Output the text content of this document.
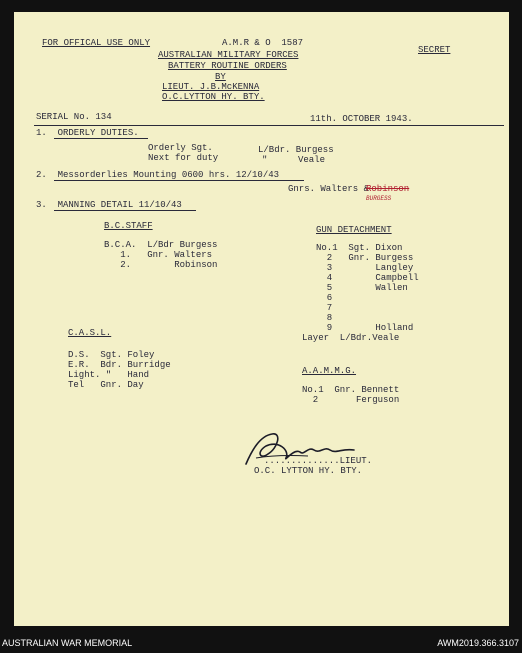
FOR OFFICAL USE ONLY	A.M.R & O  1587
SECRET
AUSTRALIAN MILITARY FORCES
BATTERY ROUTINE ORDERS
BY
LIEUT. J.B.McKENNA
O.C.LYTTON HY. BTY.
SERIAL No. 134	11th. OCTOBER 1943.
1.  ORDERLY DUTIES.
Orderly Sgt.	L/Bdr. Burgess
Next for duty	"	Veale
2.  Messorderlies Mounting 0600 hrs. 12/10/43
Gnrs. Walters &
Robinson
BURGESS
3.  MANNING DETAIL 11/10/43
B.C.STAFF
B.C.A.  L/Bdr Burgess
1.   Gnr. Walters
2.        Robinson
GUN DETACHMENT
No.1  Sgt. Dixon
2   Gnr. Burgess
3        Langley
4        Campbell
5        Wallen
6
7
8
9        Holland
Layer  L/Bdr.Veale
C.A.S.L.
D.S.  Sgt. Foley
E.R.  Bdr. Burridge
Light. "   Hand
Tel   Gnr. Day
A.A.M.M.G.
No.1  Gnr. Bennett
2       Ferguson
..............LIEUT.
O.C. LYTTON HY. BTY.
AUSTRALIAN WAR MEMORIAL	AWM2019.366.3107
